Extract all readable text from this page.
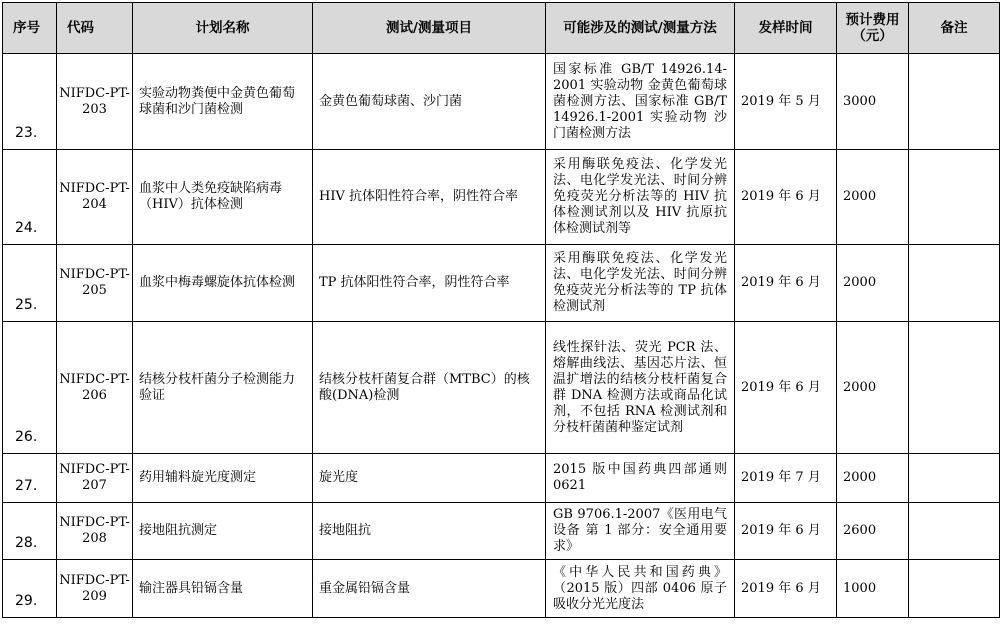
序号	代码	计划名称	测试/测量项目	可能涉及的测试/测量方法	发样时间	预计费用（元）	备注
23.	NIFDC-PT-203	实验动物粪便中金黄色葡萄球菌和沙门菌检测	金黄色葡萄球菌、沙门菌	国家标准 GB/T 14926.14-2001 实验动物 金黄色葡萄球菌检测方法、国家标准 GB/T 14926.1-2001 实验动物 沙门菌检测方法	2019 年 5 月	3000	
24.	NIFDC-PT-204	血浆中人类免疫缺陷病毒（HIV）抗体检测	HIV 抗体阳性符合率，阴性符合率	采用酶联免疫法、化学发光法、电化学发光法、时间分辨免疫荧光分析法等的 HIV 抗体检测试剂以及 HIV 抗原抗体检测试剂等	2019 年 6 月	2000	
25.	NIFDC-PT-205	血浆中梅毒螺旋体抗体检测	TP 抗体阳性符合率，阴性符合率	采用酶联免疫法、化学发光法、电化学发光法、时间分辨免疫荧光分析法等的 TP 抗体检测试剂	2019 年 6 月	2000	
26.	NIFDC-PT-206	结核分枝杆菌分子检测能力验证	结核分枝杆菌复合群（MTBC）的核酸(DNA)检测	线性探针法、荧光 PCR 法、熔解曲线法、基因芯片法、恒温扩增法的结核分枝杆菌复合群 DNA 检测方法或商品化试剂，不包括 RNA 检测试剂和分枝杆菌菌种鉴定试剂	2019 年 6 月	2000	
27.	NIFDC-PT-207	药用辅料旋光度测定	旋光度	2015 版中国药典四部通则 0621	2019 年 7 月	2000	
28.	NIFDC-PT-208	接地阻抗测定	接地阻抗	GB 9706.1-2007《医用电气设备 第 1 部分：安全通用要求》	2019 年 6 月	2600	
29.	NIFDC-PT-209	输注器具铅镉含量	重金属铅镉含量	《中华人民共和国药典》（2015 版）四部 0406 原子吸收分光光度法	2019 年 6 月	1000	
